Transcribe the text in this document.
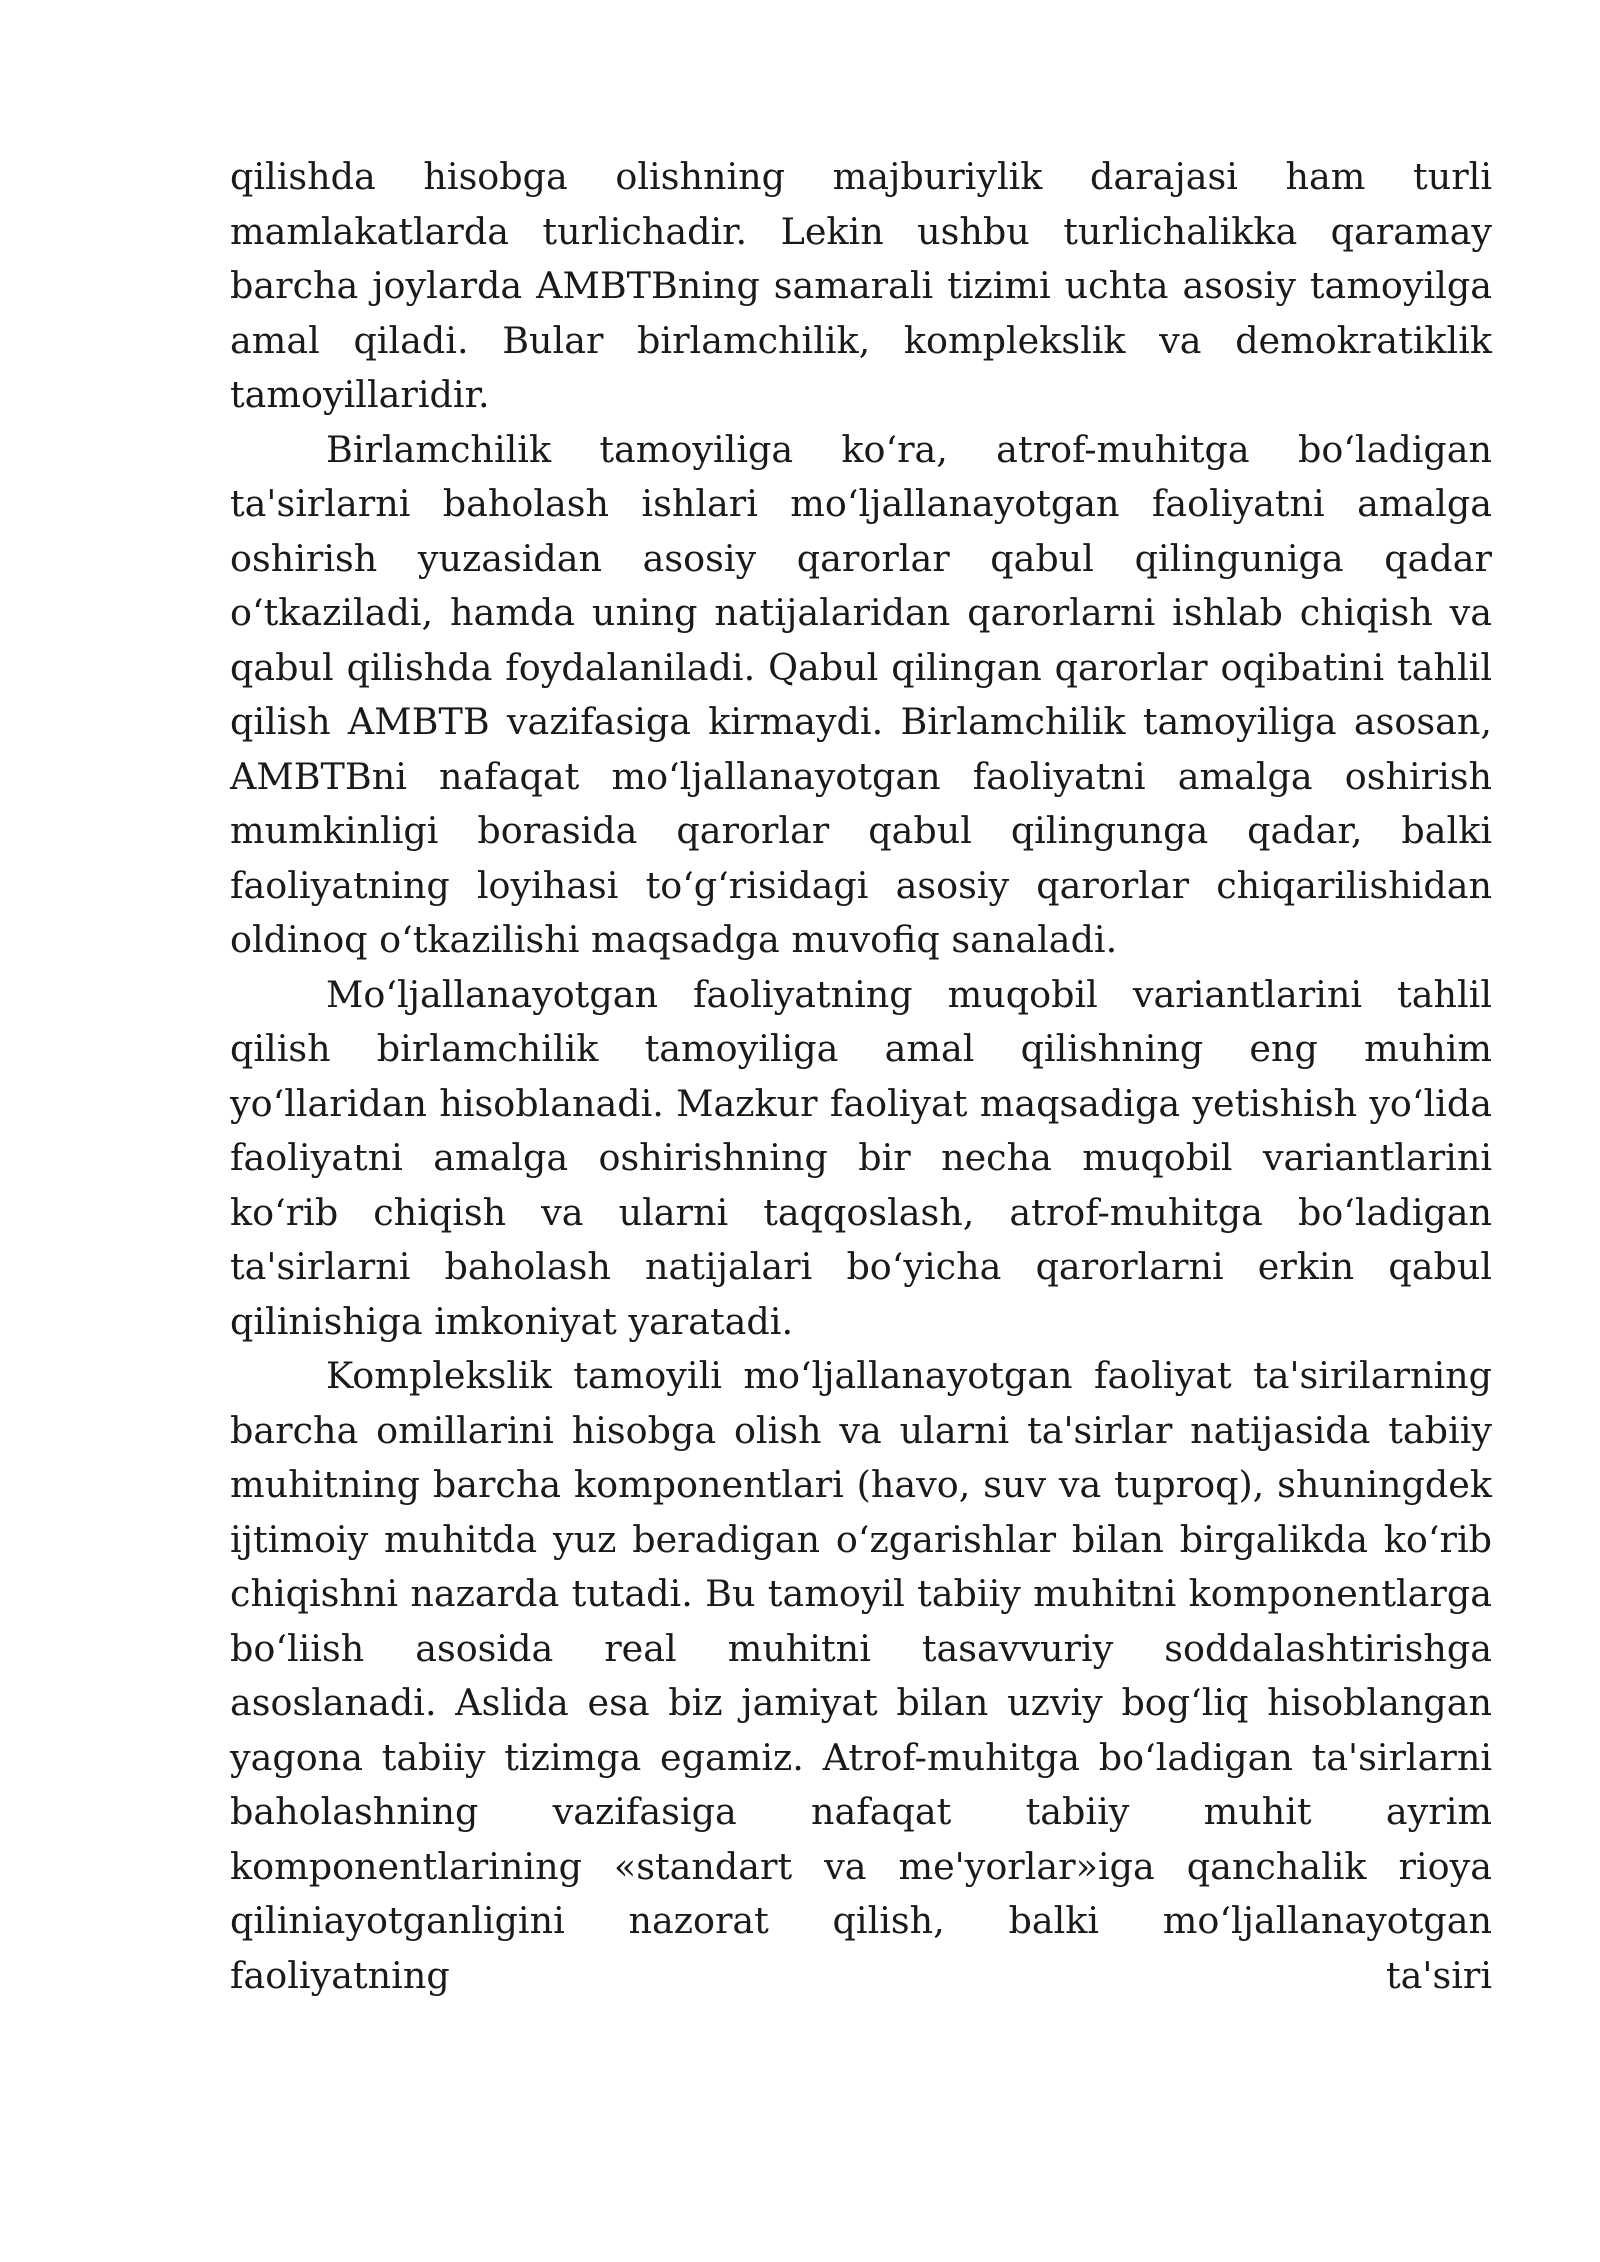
qilishda hisobga olishning majburiylik darajasi ham turli mamlakatlarda turlichadir. Lekin ushbu turlichalikka qaramay barcha joylarda AMBTBning samarali tizimi uchta asosiy tamoyilga amal qiladi. Bular birlamchilik, komplekslik va demokratiklik tamoyillaridir.

Birlamchilik tamoyiliga koʻra, atrof-muhitga boʻladigan ta'sirlarni baholash ishlari moʻljallanayotgan faoliyatni amalga oshirish yuzasidan asosiy qarorlar qabul qilinguniga qadar oʻtkaziladi, hamda uning natijalaridan qarorlarni ishlab chiqish va qabul qilishda foydalaniladi. Qabul qilingan qarorlar oqibatini tahlil qilish AMBTB vazifasiga kirmaydi. Birlamchilik tamoyiliga asosan, AMBTBni nafaqat moʻljallanayotgan faoliyatni amalga oshirish mumkinligi borasida qarorlar qabul qilingunga qadar, balki faoliyatning loyihasi toʻgʻrisidagi asosiy qarorlar chiqarilishidan oldinoq oʻtkazilishi maqsadga muvofiq sanaladi.

Moʻljallanayotgan faoliyatning muqobil variantlarini tahlil qilish birlamchilik tamoyiliga amal qilishning eng muhim yoʻllaridan hisoblanadi. Mazkur faoliyat maqsadiga yetishish yoʻlida faoliyatni amalga oshirishning bir necha muqobil variantlarini koʻrib chiqish va ularni taqqoslash, atrof-muhitga boʻladigan ta'sirlarni baholash natijalari boʻyicha qarorlarni erkin qabul qilinishiga imkoniyat yaratadi.

Komplekslik tamoyili moʻljallanayotgan faoliyat ta'sirilarning barcha omillarini hisobga olish va ularni ta'sirlar natijasida tabiiy muhitning barcha komponentlari (havo, suv va tuproq), shuningdek ijtimoiy muhitda yuz beradigan oʻzgarishlar bilan birgalikda koʻrib chiqishni nazarda tutadi. Bu tamoyil tabiiy muhitni komponentlarga boʻliish asosida real muhitni tasavvuriy soddalashtirishga asoslanadi. Aslida esa biz jamiyat bilan uzviy bogʻliq hisoblangan yagona tabiiy tizimga egamiz. Atrof-muhitga boʻladigan ta'sirlarni baholashning vazifasiga nafaqat tabiiy muhit ayrim komponentlarining «standart va me'yorlar»iga qanchalik rioya qiliniayotganligini nazorat qilish, balki moʻljallanayotgan faoliyatning ta'siri
